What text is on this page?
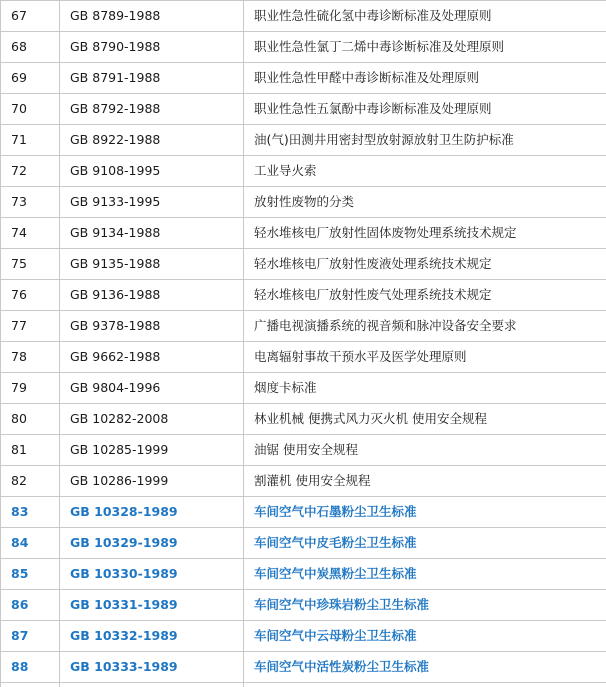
67	GB 8789-1988	职业性急性硫化氢中毒诊断标准及处理原则
68	GB 8790-1988	职业性急性氯丁二烯中毒诊断标准及处理原则
69	GB 8791-1988	职业性急性甲醛中毒诊断标准及处理原则
70	GB 8792-1988	职业性急性五氯酚中毒诊断标准及处理原则
71	GB 8922-1988	油(气)田测井用密封型放射源放射卫生防护标准
72	GB 9108-1995	工业导火索
73	GB 9133-1995	放射性废物的分类
74	GB 9134-1988	轻水堆核电厂放射性固体废物处理系统技术规定
75	GB 9135-1988	轻水堆核电厂放射性废液处理系统技术规定
76	GB 9136-1988	轻水堆核电厂放射性废气处理系统技术规定
77	GB 9378-1988	广播电视演播系统的视音频和脉冲设备安全要求
78	GB 9662-1988	电离辐射事故干预水平及医学处理原则
79	GB 9804-1996	烟度卡标准
80	GB 10282-2008	林业机械 便携式风力灭火机 使用安全规程
81	GB 10285-1999	油锯 使用安全规程
82	GB 10286-1999	割灌机 使用安全规程
83	GB 10328-1989	车间空气中石墨粉尘卫生标准
84	GB 10329-1989	车间空气中皮毛粉尘卫生标准
85	GB 10330-1989	车间空气中炭黑粉尘卫生标准
86	GB 10331-1989	车间空气中珍珠岩粉尘卫生标准
87	GB 10332-1989	车间空气中云母粉尘卫生标准
88	GB 10333-1989	车间空气中活性炭粉尘卫生标准
